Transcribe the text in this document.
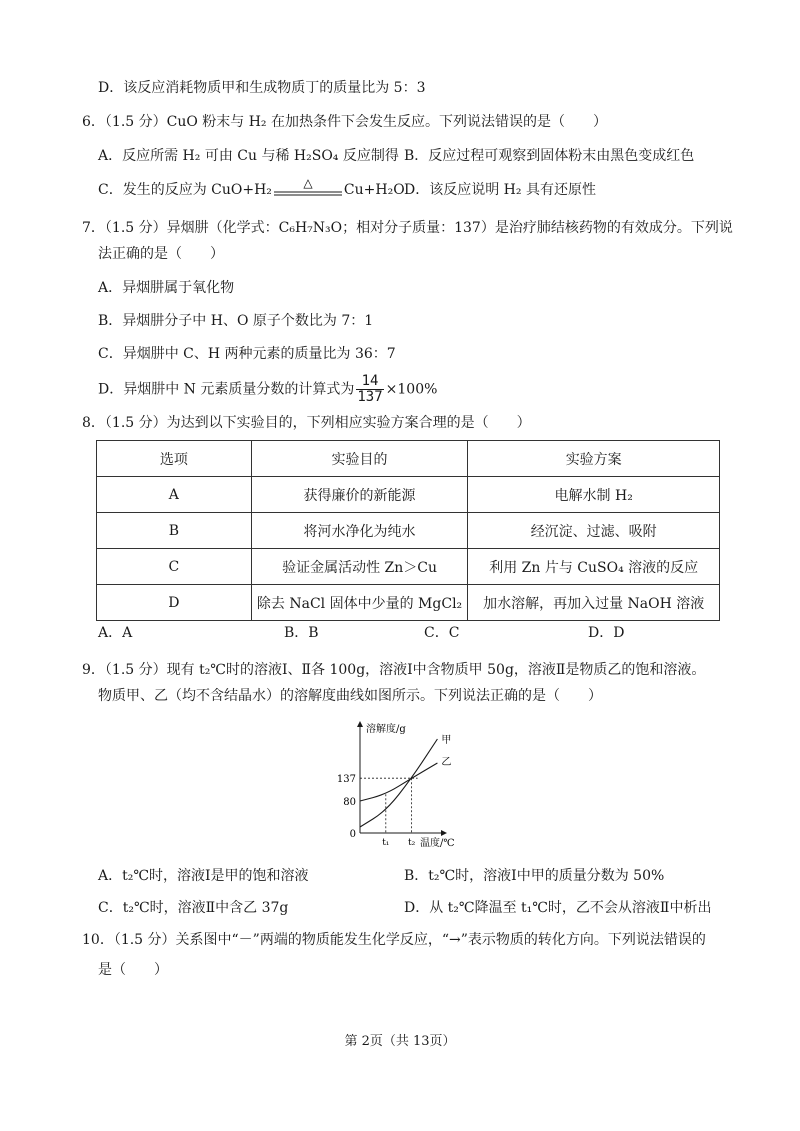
D．该反应消耗物质甲和生成物质丁的质量比为 5：3
6．（1.5 分）CuO 粉末与 H₂ 在加热条件下会发生反应。下列说法错误的是（　　）
A．反应所需 H₂ 可由 Cu 与稀 H₂SO₄ 反应制得 B．反应过程可观察到固体粉末由黑色变成红色
C．发生的反应为 CuO+H₂	△ Cu+H₂O D．该反应说明 H₂ 具有还原性
7．（1.5 分）异烟肼（化学式：C₆H₇N₃O；相对分子质量：137）是治疗肺结核药物的有效成分。下列说
法正确的是（　　）
A．异烟肼属于氧化物
B．异烟肼分子中 H、O 原子个数比为 7：1
C．异烟肼中 C、H 两种元素的质量比为 36：7
D．异烟肼中 N 元素质量分数的计算式为 $\frac{14}{137} \times 100\%$
8．（1.5 分）为达到以下实验目的，下列相应实验方案合理的是（　　）
选项	实验目的	实验方案
A	获得廉价的新能源	电解水制 H₂
B	将河水净化为纯水	经沉淀、过滤、吸附
C	验证金属活动性 Zn＞Cu	利用 Zn 片与 CuSO₄ 溶液的反应
D	除去 NaCl 固体中少量的 MgCl₂	加水溶解，再加入过量 NaOH 溶液
A．A	B．B	C．C	D．D
9．（1.5 分）现有 t₂℃时的溶液Ⅰ、Ⅱ各 100g，溶液Ⅰ中含物质甲 50g，溶液Ⅱ是物质乙的饱和溶液。
物质甲、乙（均不含结晶水）的溶解度曲线如图所示。下列说法正确的是（　　）
溶解度/g
温度/℃
甲
乙
0
80
137
t₁ t₂
A．t₂℃时，溶液Ⅰ是甲的饱和溶液	B．t₂℃时，溶液Ⅰ中甲的质量分数为 50%
C．t₂℃时，溶液Ⅱ中含乙 37g	D．从 t₂℃降温至 t₁℃时，乙不会从溶液Ⅱ中析出
10．（1.5 分）关系图中“－”两端的物质能发生化学反应，“→”表示物质的转化方向。下列说法错误的
是（　　）
第 2页（共 13页）
